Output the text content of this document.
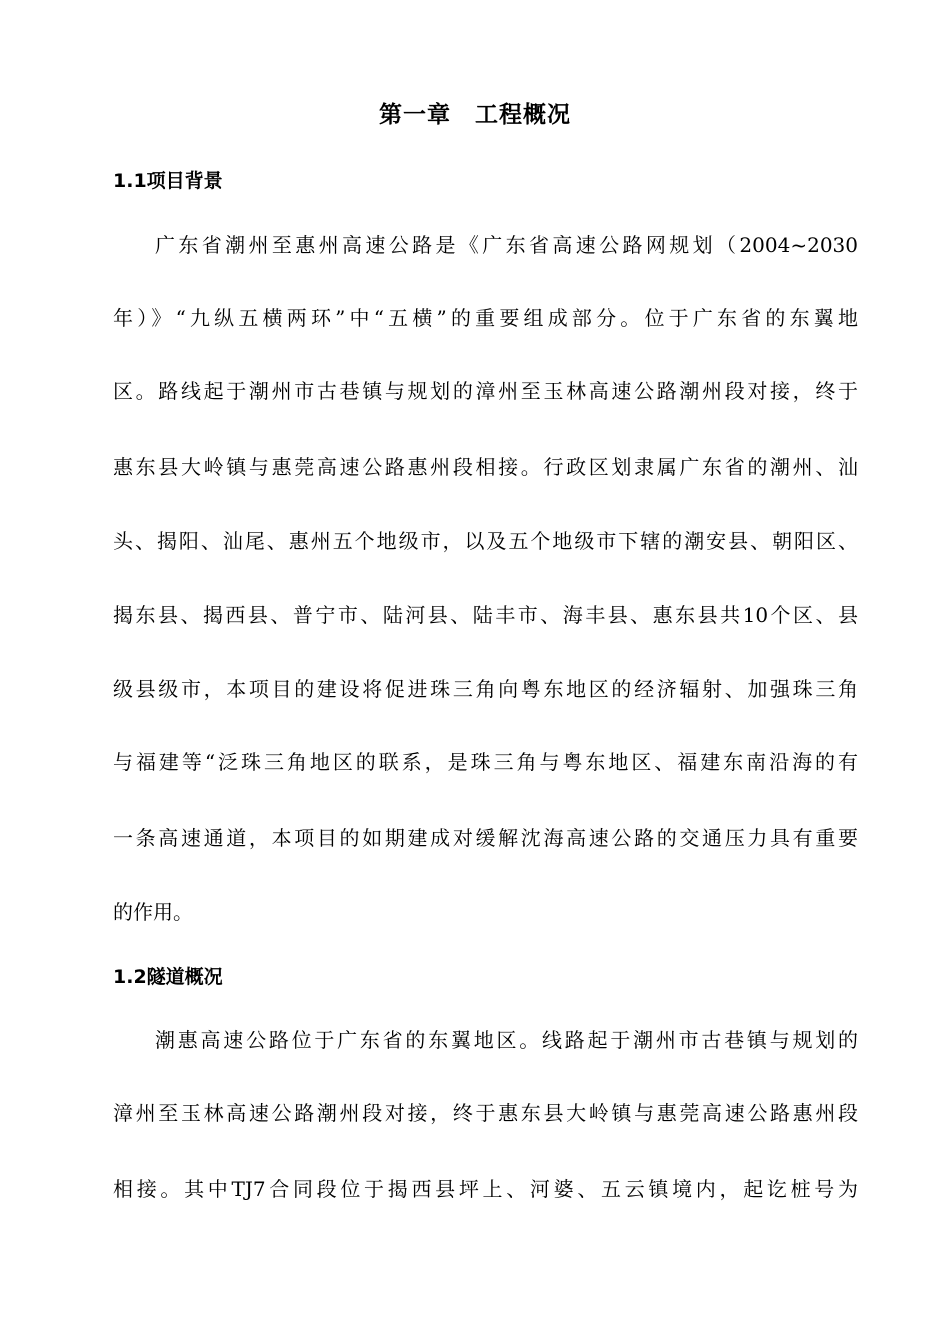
第一章　工程概况
1.1项目背景
广东省潮州至惠州高速公路是《广东省高速公路网规划（2004~2030
年）》“九纵五横两环”中“五横”的重要组成部分。位于广东省的东翼地
区。路线起于潮州市古巷镇与规划的漳州至玉林高速公路潮州段对接，终于
惠东县大岭镇与惠莞高速公路惠州段相接。行政区划隶属广东省的潮州、汕
头、揭阳、汕尾、惠州五个地级市，以及五个地级市下辖的潮安县、朝阳区、
揭东县、揭西县、普宁市、陆河县、陆丰市、海丰县、惠东县共10个区、县
级县级市，本项目的建设将促进珠三角向粤东地区的经济辐射、加强珠三角
与福建等“泛珠三角地区的联系，是珠三角与粤东地区、福建东南沿海的有
一条高速通道，本项目的如期建成对缓解沈海高速公路的交通压力具有重要
的作用。
1.2隧道概况
潮惠高速公路位于广东省的东翼地区。线路起于潮州市古巷镇与规划的
漳州至玉林高速公路潮州段对接，终于惠东县大岭镇与惠莞高速公路惠州段
相接。其中TJ7合同段位于揭西县坪上、河婆、五云镇境内，起讫桩号为
